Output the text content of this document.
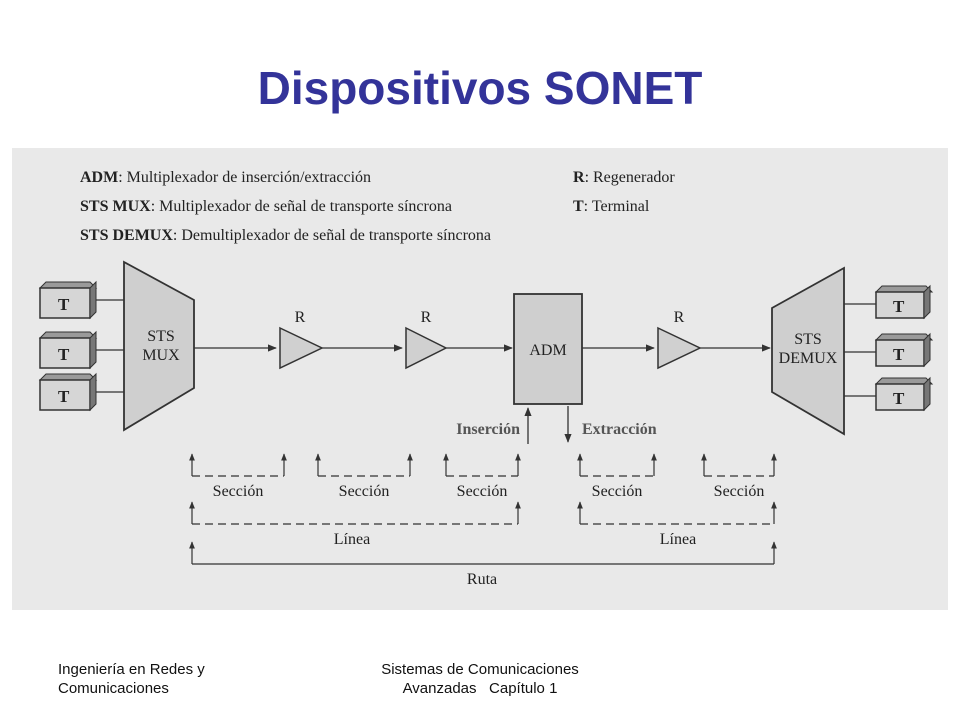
Dispositivos SONET
ADM: Multiplexador de inserción/extracción
STS MUX: Multiplexador de señal de transporte síncrona
STS DEMUX: Demultiplexador de señal de transporte síncrona
R: Regenerador
T: Terminal
T
T
T
STS
MUX
R	R	R
ADM
Inserción	Extracción
STS
DEMUX
T
T
T
Sección	Sección	Sección	Sección	Sección
Línea	Línea
Ruta
Ingeniería en Redes y
Comunicaciones
Sistemas de Comunicaciones
Avanzadas   Capítulo 1
